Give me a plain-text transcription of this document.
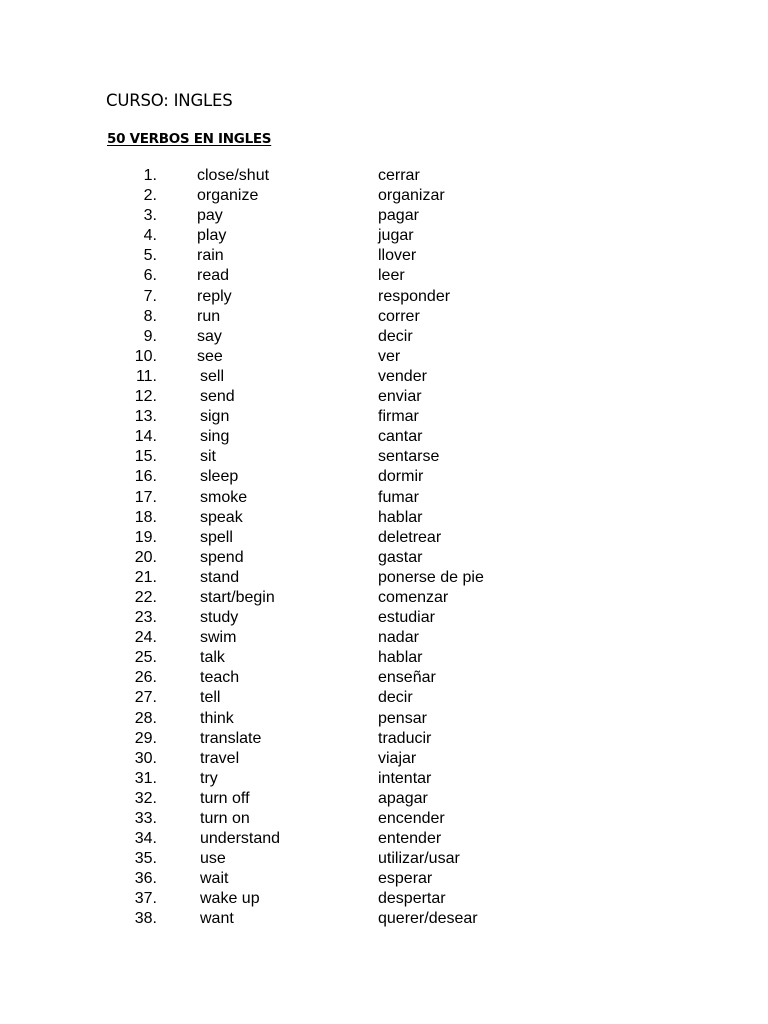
CURSO: INGLES
50 VERBOS EN INGLES
1.	close/shut	cerrar
2.	organize	organizar
3.	pay	pagar
4.	play	jugar
5.	rain	llover
6.	read	leer
7.	reply	responder
8.	run	correr
9.	say	decir
10.	see	ver
11.	sell	vender
12.	send	enviar
13.	sign	firmar
14.	sing	cantar
15.	sit	sentarse
16.	sleep	dormir
17.	smoke	fumar
18.	speak	hablar
19.	spell	deletrear
20.	spend	gastar
21.	stand	ponerse de pie
22.	start/begin	comenzar
23.	study	estudiar
24.	swim	nadar
25.	talk	hablar
26.	teach	enseñar
27.	tell	decir
28.	think	pensar
29.	translate	traducir
30.	travel	viajar
31.	try	intentar
32.	turn off	apagar
33.	turn on	encender
34.	understand	entender
35.	use	utilizar/usar
36.	wait	esperar
37.	wake up	despertar
38.	want	querer/desear
